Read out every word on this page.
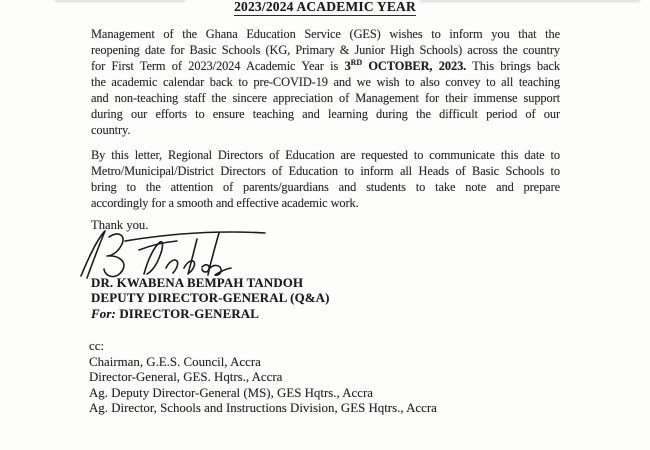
2023/2024 ACADEMIC YEAR
Management of the Ghana Education Service (GES) wishes to inform you that the
reopening date for Basic Schools (KG, Primary & Junior High Schools) across the country
for First Term of 2023/2024 Academic Year is 3RD OCTOBER, 2023. This brings back
the academic calendar back to pre-COVID-19 and we wish to also convey to all teaching
and non-teaching staff the sincere appreciation of Management for their immense support
during our efforts to ensure teaching and learning during the difficult period of our
country.
By this letter, Regional Directors of Education are requested to communicate this date to
Metro/Municipal/District Directors of Education to inform all Heads of Basic Schools to
bring to the attention of parents/guardians and students to take note and prepare
accordingly for a smooth and effective academic work.
Thank you.
DR. KWABENA BEMPAH TANDOH
DEPUTY DIRECTOR-GENERAL (Q&A)
For: DIRECTOR-GENERAL
cc:
Chairman, G.E.S. Council, Accra
Director-General, GES. Hqtrs., Accra
Ag. Deputy Director-General (MS), GES Hqtrs., Accra
Ag. Director, Schools and Instructions Division, GES Hqtrs., Accra
